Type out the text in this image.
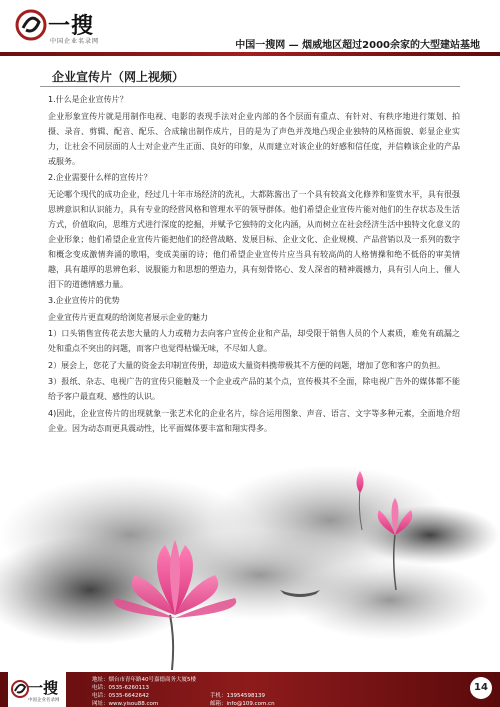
一搜
中国企业名录网	中国一搜网 — 烟威地区超过2000余家的大型建站基地
企业宣传片（网上视频）

1.什么是企业宣传片？

企业形象宣传片就是用制作电视、电影的表现手法对企业内部的各个层面有重点、有针对、有秩序地进行策划、拍摄、录音、剪辑、配音、配乐、合成输出制作成片，目的是为了声色并茂地凸现企业独特的风格面貌、彰显企业实力，让社会不同层面的人士对企业产生正面、良好的印象，从而建立对该企业的好感和信任度，并信赖该企业的产品或服务。

2.企业需要什么样的宣传片？

无论哪个现代的成功企业，经过几十年市场经济的洗礼，大都陈酱出了一个具有较高文化修养和鉴赏水平，具有很强思辨意识和认识能力，具有专业的经营风格和管理水平的领导群体。他们希望企业宣传片能对他们的生存状态及生活方式，价值取向，思维方式进行深度的挖掘，并赋予它独特的文化内涵，从而树立在社会经济生活中独特文化意义的企业形象；他们希望企业宣传片能把他们的经营战略、发展目标、企业文化、企业规模、产品营销以及一系列的数字和概念变成激情奔涌的歌唱，变成美丽的诗；他们希望企业宣传片应当具有较高尚的人格情操和绝不低俗的审美情趣，具有雄厚的思辨色彩、说服能力和思想的塑造力，具有刻骨铭心、发人深省的精神震撼力，具有引人向上、催人泪下的道德情感力量。

3.企业宣传片的优势

企业宣传片更直观的给浏览者展示企业的魅力

1）口头销售宣传花去您大量的人力或精力去向客户宣传企业和产品，却受限于销售人员的个人素质，难免有疏漏之处和重点不突出的问题，而客户也觉得枯燥无味，不尽如人意。

2）展会上，您花了大量的资金去印制宣传册，却造成大量资料携带极其不方便的问题，增加了您和客户的负担。

3）报纸、杂志、电视广告的宣传只能触及一个企业或产品的某个点，宣传极其不全面，除电视广告外的媒体都不能给予客户最直观、感性的认识。

4)因此，企业宣传片的出现就象一张艺术化的企业名片，综合运用图象、声音、语言、文字等多种元素，全面地介绍企业。因为动态而更具震动性，比平面媒体要丰富和翔实得多。

一搜
中国企业名录网
地址：烟台市青年路40号嘉德商务大厦5楼
电话：0535-6260113
电话：0535-6642642	手机：13954598139
网址：www.yisou88.com	邮箱：info@109.com.cn
14
